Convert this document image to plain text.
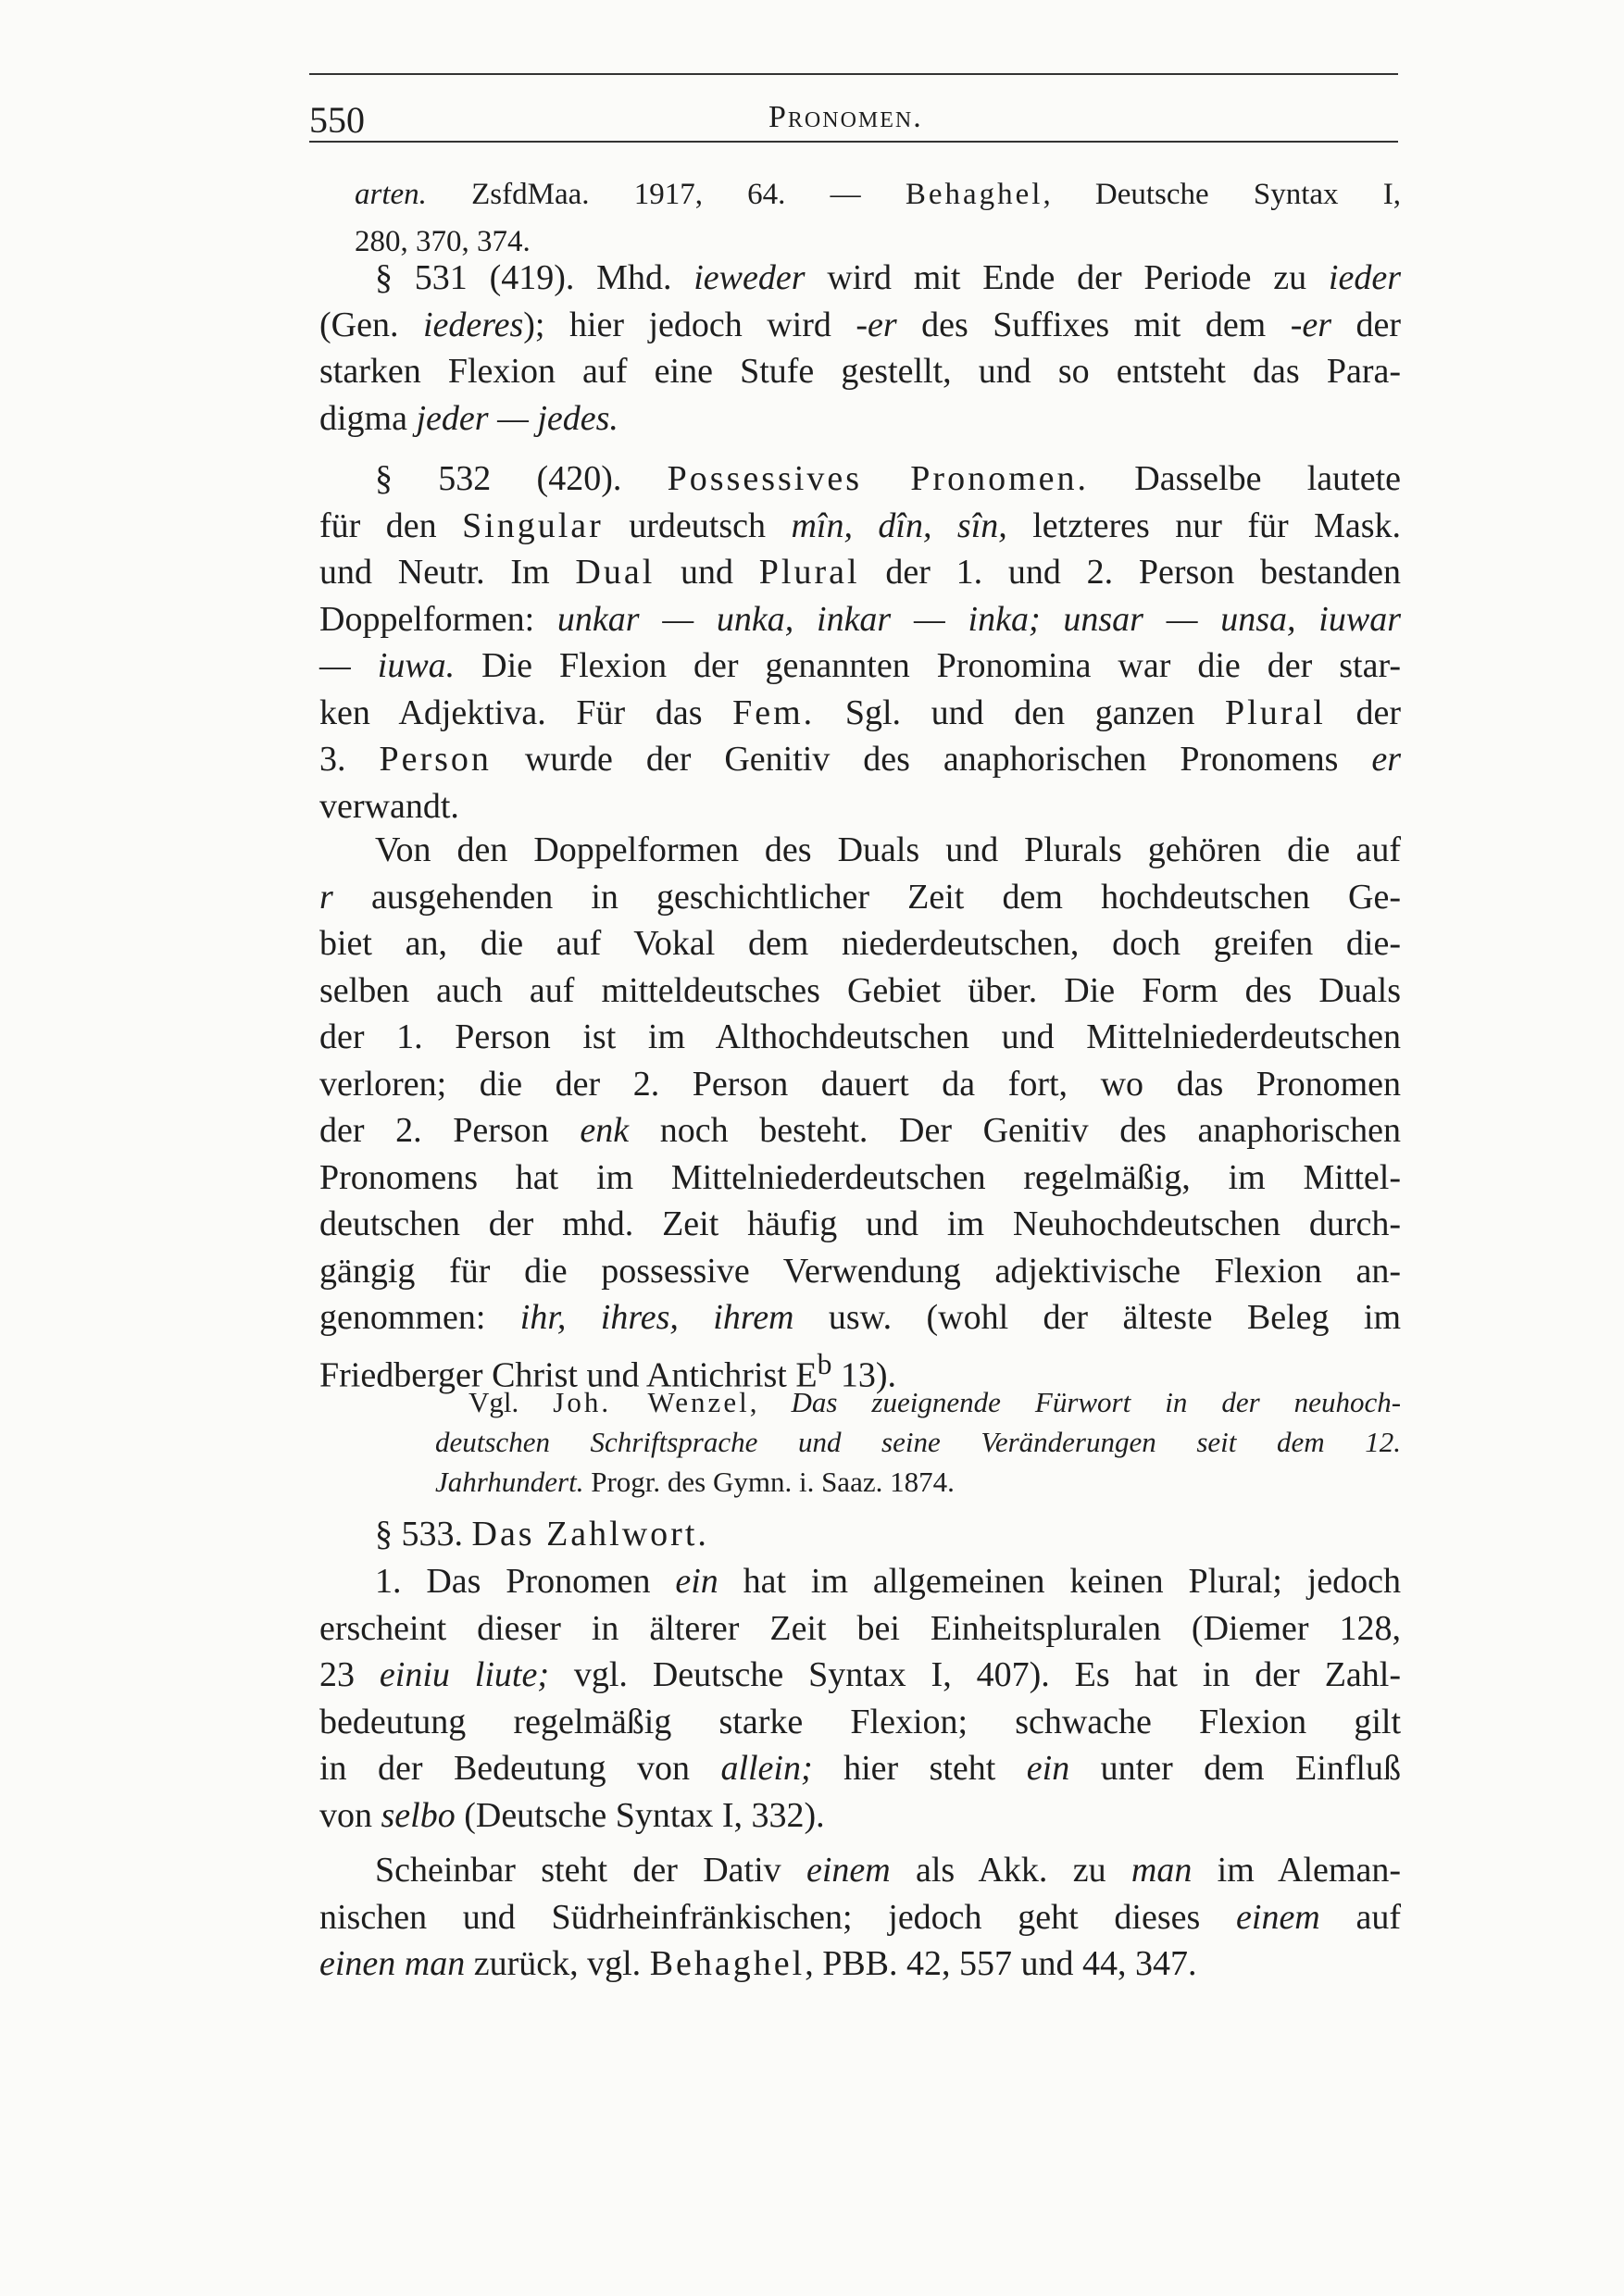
550	Pronomen.
arten. ZsfdMaa. 1917, 64. — Behaghel, Deutsche Syntax I,
280, 370, 374.
§ 531 (419). Mhd. ieweder wird mit Ende der Periode zu ieder
(Gen. iederes); hier jedoch wird -er des Suffixes mit dem -er der
starken Flexion auf eine Stufe gestellt, und so entsteht das Para-
digma jeder — jedes.
§ 532 (420). Possessives Pronomen. Dasselbe lautete
für den Singular urdeutsch mîn, dîn, sîn, letzteres nur für Mask.
und Neutr. Im Dual und Plural der 1. und 2. Person bestanden
Doppelformen: unkar — unka, inkar — inka; unsar — unsa, iuwar
— iuwa. Die Flexion der genannten Pronomina war die der star-
ken Adjektiva. Für das Fem. Sgl. und den ganzen Plural der
3. Person wurde der Genitiv des anaphorischen Pronomens er
verwandt.
Von den Doppelformen des Duals und Plurals gehören die auf
r ausgehenden in geschichtlicher Zeit dem hochdeutschen Ge-
biet an, die auf Vokal dem niederdeutschen, doch greifen die-
selben auch auf mitteldeutsches Gebiet über. Die Form des Duals
der 1. Person ist im Althochdeutschen und Mittelniederdeutschen
verloren; die der 2. Person dauert da fort, wo das Pronomen
der 2. Person enk noch besteht. Der Genitiv des anaphorischen
Pronomens hat im Mittelniederdeutschen regelmäßig, im Mittel-
deutschen der mhd. Zeit häufig und im Neuhochdeutschen durch-
gängig für die possessive Verwendung adjektivische Flexion an-
genommen: ihr, ihres, ihrem usw. (wohl der älteste Beleg im
Friedberger Christ und Antichrist $E^b$ 13).
Vgl. Joh. Wenzel, Das zueignende Fürwort in der neuhoch-
deutschen Schriftsprache und seine Veränderungen seit dem 12.
Jahrhundert. Progr. des Gymn. i. Saaz. 1874.
§ 533. Das Zahlwort.
1. Das Pronomen ein hat im allgemeinen keinen Plural; jedoch
erscheint dieser in älterer Zeit bei Einheitspluralen (Diemer 128,
23 einiu liute; vgl. Deutsche Syntax I, 407). Es hat in der Zahl-
bedeutung regelmäßig starke Flexion; schwache Flexion gilt
in der Bedeutung von allein; hier steht ein unter dem Einfluß
von selbo (Deutsche Syntax I, 332).
Scheinbar steht der Dativ einem als Akk. zu man im Aleman-
nischen und Südrheinfränkischen; jedoch geht dieses einem auf
einen man zurück, vgl. Behaghel, PBB. 42, 557 und 44, 347.
